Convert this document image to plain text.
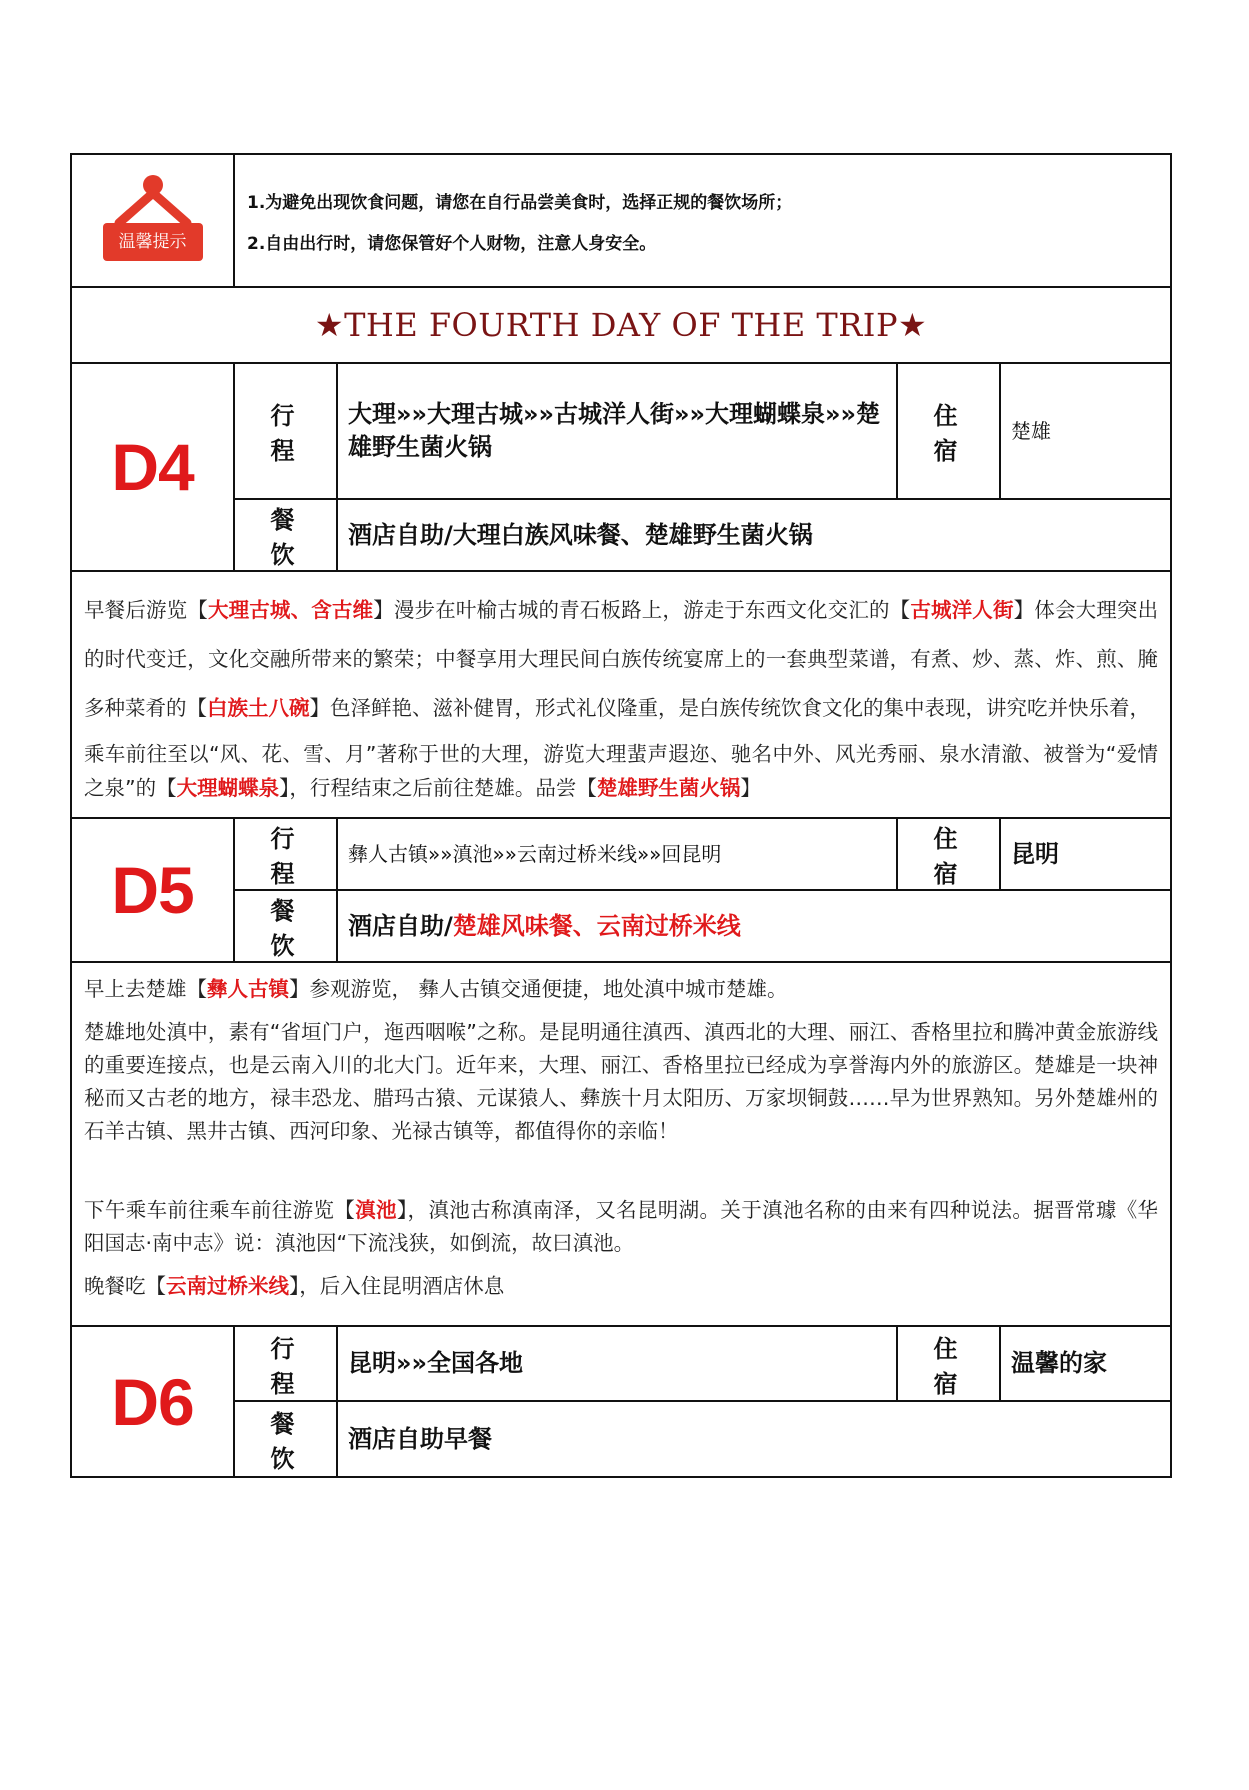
温馨提示	1.为避免出现饮食问题，请您在自行品尝美食时，选择正规的餐饮场所；

2.自由出行时，请您保管好个人财物，注意人身安全。			

★THE FOURTH DAY OF THE TRIP★				
D4	行 程	大理»»大理古城»»古城洋人街»»大理蝴蝶泉»»楚雄野生菌火锅	住 宿	楚雄
	餐 饮	酒店自助/大理白族风味餐、楚雄野生菌火锅		

早餐后游览【大理古城、含古维】漫步在叶榆古城的青石板路上，游走于东西文化交汇的【古城洋人街】体会大理突出的时代变迁，文化交融所带来的繁荣；中餐享用大理民间白族传统宴席上的一套典型菜谱，有煮、炒、蒸、炸、煎、腌多种菜肴的【白族土八碗】色泽鲜艳、滋补健胃，形式礼仪隆重，是白族传统饮食文化的集中表现，讲究吃并快乐着，

乘车前往至以“风、花、雪、月”著称于世的大理，游览大理蜚声遐迩、驰名中外、风光秀丽、泉水清澈、被誉为“爱情之泉”的【大理蝴蝶泉】，行程结束之后前往楚雄。品尝【楚雄野生菌火锅】				

D5	行 程	彝人古镇»»滇池»»云南过桥米线»»回昆明	住 宿	昆明
	餐 饮	酒店自助/楚雄风味餐、云南过桥米线		

早上去楚雄【彝人古镇】参观游览， 彝人古镇交通便捷，地处滇中城市楚雄。

楚雄地处滇中，素有“省垣门户，迤西咽喉”之称。是昆明通往滇西、滇西北的大理、丽江、香格里拉和腾冲黄金旅游线的重要连接点，也是云南入川的北大门。近年来，大理、丽江、香格里拉已经成为享誉海内外的旅游区。楚雄是一块神秘而又古老的地方，禄丰恐龙、腊玛古猿、元谋猿人、彝族十月太阳历、万家坝铜鼓……早为世界熟知。另外楚雄州的石羊古镇、黑井古镇、西河印象、光禄古镇等，都值得你的亲临！

下午乘车前往乘车前往游览【滇池】，滇池古称滇南泽，又名昆明湖。关于滇池名称的由来有四种说法。据晋常璩《华阳国志·南中志》说：滇池因“下流浅狭，如倒流，故曰滇池。

晚餐吃【云南过桥米线】，后入住昆明酒店休息				

D6	行 程	昆明»»全国各地	住 宿	温馨的家
	餐 饮	酒店自助早餐		
